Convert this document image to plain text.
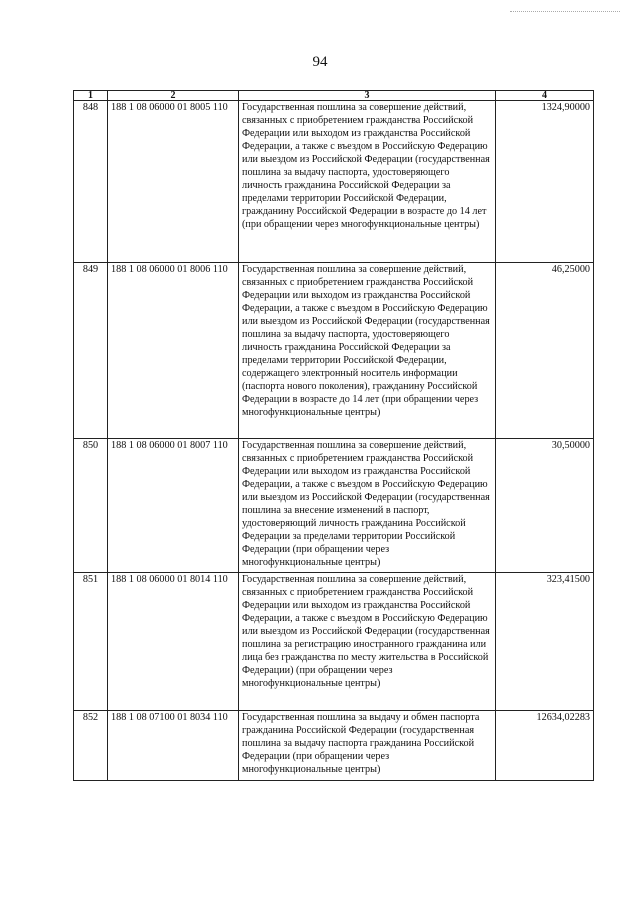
94
1	2	3	4
848	188 1 08 06000 01 8005 110	Государственная пошлина за совершение действий, связанных с приобретением гражданства Российской Федерации или выходом из гражданства Российской Федерации, а также с въездом в Российскую Федерацию или выездом из Российской Федерации (государственная пошлина за выдачу паспорта, удостоверяющего личность гражданина Российской Федерации за пределами территории Российской Федерации, гражданину Российской Федерации в возрасте до 14 лет (при обращении через многофункциональные центры)	1324,90000
849	188 1 08 06000 01 8006 110	Государственная пошлина за совершение действий, связанных с приобретением гражданства Российской Федерации или выходом из гражданства Российской Федерации, а также с въездом в Российскую Федерацию или выездом из Российской Федерации (государственная пошлина за выдачу паспорта, удостоверяющего личность гражданина Российской Федерации за пределами территории Российской Федерации, содержащего электронный носитель информации (паспорта нового поколения), гражданину Российской Федерации в возрасте до 14 лет (при обращении через многофункциональные центры)	46,25000
850	188 1 08 06000 01 8007 110	Государственная пошлина за совершение действий, связанных с приобретением гражданства Российской Федерации или выходом из гражданства Российской Федерации, а также с въездом в Российскую Федерацию или выездом из Российской Федерации (государственная пошлина за внесение изменений в паспорт, удостоверяющий личность гражданина Российской Федерации за пределами территории Российской Федерации (при обращении через многофункциональные центры)	30,50000
851	188 1 08 06000 01 8014 110	Государственная пошлина за совершение действий, связанных с приобретением гражданства Российской Федерации или выходом из гражданства Российской Федерации, а также с въездом в Российскую Федерацию или выездом из Российской Федерации (государственная пошлина за регистрацию иностранного гражданина или лица без гражданства по месту жительства в Российской Федерации) (при обращении через многофункциональные центры)	323,41500
852	188 1 08 07100 01 8034 110	Государственная пошлина за выдачу и обмен паспорта гражданина Российской Федерации (государственная пошлина за выдачу паспорта гражданина Российской Федерации (при обращении через многофункциональные центры)	12634,02283
